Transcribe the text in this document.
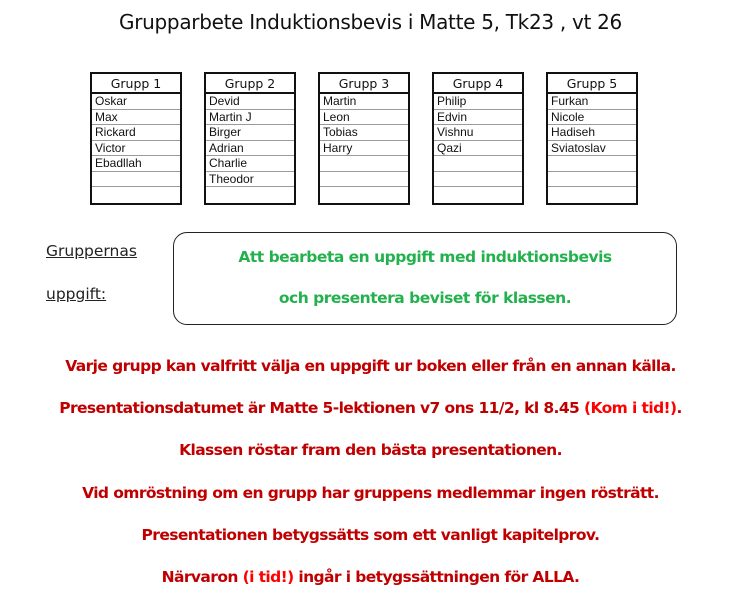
Grupparbete Induktionsbevis i Matte 5, Tk23 , vt 26
Grupp 1
Oskar
Max
Rickard
Victor
Ebadllah
Grupp 2
Devid
Martin J
Birger
Adrian
Charlie
Theodor
Grupp 3
Martin
Leon
Tobias
Harry
Grupp 4
Philip
Edvin
Vishnu
Qazi
Grupp 5
Furkan
Nicole
Hadiseh
Sviatoslav
Gruppernas
uppgift:
Att bearbeta en uppgift med induktionsbevis
och presentera beviset för klassen.
Varje grupp kan valfritt välja en uppgift ur boken eller från en annan källa.
Presentationsdatumet är Matte 5-lektionen v7 ons 11/2, kl 8.45 (Kom i tid!).
Klassen röstar fram den bästa presentationen.
Vid omröstning om en grupp har gruppens medlemmar ingen rösträtt.
Presentationen betygssätts som ett vanligt kapitelprov.
Närvaron (i tid!) ingår i betygssättningen för ALLA.
